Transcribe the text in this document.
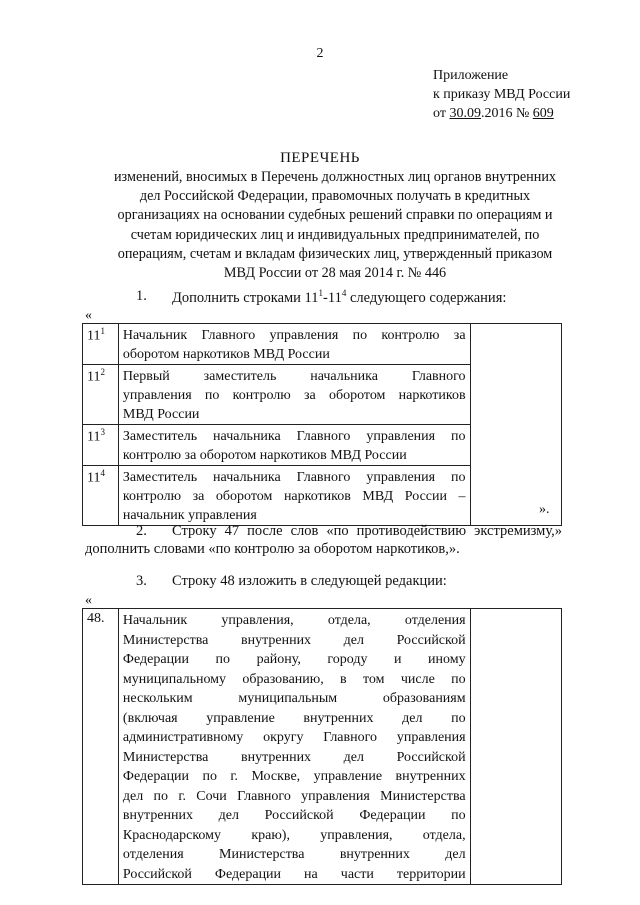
2
Приложение
к приказу МВД России
от 30.09.2016 № 609
ПЕРЕЧЕНЬ
изменений, вносимых в Перечень должностных лиц органов внутренних
дел Российской Федерации, правомочных получать в кредитных
организациях на основании судебных решений справки по операциям и
счетам юридических лиц и индивидуальных предпринимателей, по
операциям, счетам и вкладам физических лиц, утвержденный приказом
МВД России от 28 мая 2014 г. № 446
1. Дополнить строками $11^1-11^4$ следующего содержания:
«
$11^1$	Начальник Главного управления по контролю за
оборотом наркотиков МВД России	

$11^2$	Первый заместитель начальника Главного
управления по контролю за оборотом наркотиков
МВД России	

$11^3$	Заместитель начальника Главного управления по
контролю за оборотом наркотиков МВД России	

$11^4$	Заместитель начальника Главного управления по
контролю за оборотом наркотиков МВД России –
начальник управления		».
2. Строку 47 после слов «по противодействию экстремизму,»
дополнить словами «по контролю за оборотом наркотиков,».
3. Строку 48 изложить в следующей редакции:
«
48.	Начальник управления, отдела, отделения
Министерства внутренних дел Российской
Федерации по району, городу и иному
муниципальному образованию, в том числе по
нескольким муниципальным образованиям
(включая управление внутренних дел по
административному округу Главного управления
Министерства внутренних дел Российской
Федерации по г. Москве, управление внутренних
дел по г. Сочи Главного управления Министерства
внутренних дел Российской Федерации по
Краснодарскому краю), управления, отдела,
отделения Министерства внутренних дел
Российской Федерации на части территории
